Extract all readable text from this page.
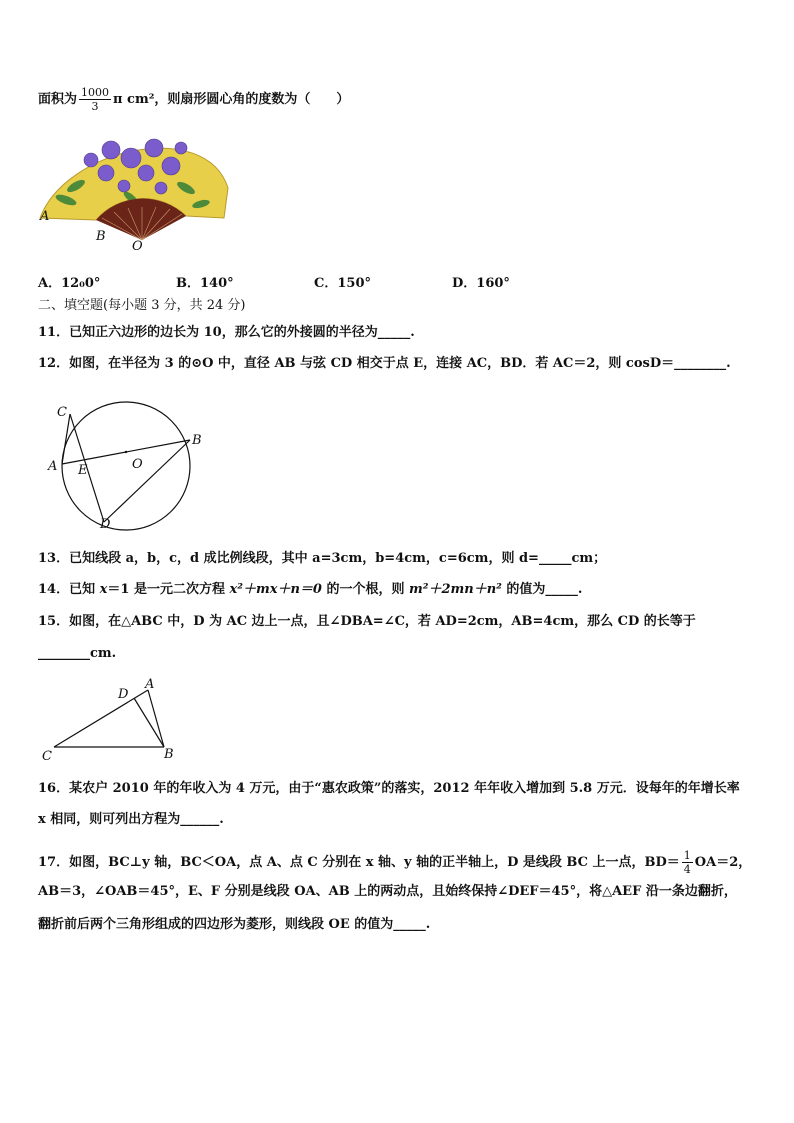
面积为 $\frac{1000}{3}$ π cm²，则扇形圆心角的度数为（　　）
A
B
O
A．12₀0°	B．140°	C．150°	D．160°
二、填空题(每小题 3 分，共 24 分)
11．已知正六边形的边长为 10，那么它的外接圆的半径为_____.
12．如图，在半径为 3 的⊙O 中，直径 AB 与弦 CD 相交于点 E，连接 AC，BD．若 AC＝2，则 cosD＝________.
C
A E	O
B
D
13．已知线段 a，b，c，d 成比例线段，其中 a=3cm，b=4cm，c=6cm，则 d=_____cm；
14．已知 x＝1 是一元二次方程 x²＋mx＋n＝0 的一个根，则 m²＋2mn＋n² 的值为_____.
15．如图，在△ABC 中，D 为 AC 边上一点，且∠DBA=∠C，若 AD=2cm，AB=4cm，那么 CD 的长等于
________cm.
D
A
C	B
16．某农户 2010 年的年收入为 4 万元，由于“惠农政策”的落实，2012 年年收入增加到 5.8 万元．设每年的年增长率
x 相同，则可列出方程为______.
17．如图，BC⊥y 轴，BC＜OA，点 A、点 C 分别在 x 轴、y 轴的正半轴上，D 是线段 BC 上一点，$BD= \frac{1}{4} OA=2$，
AB＝3，∠OAB＝45°，E、F 分别是线段 OA、AB 上的两动点，且始终保持∠DEF＝45°，将△AEF 沿一条边翻折，
翻折前后两个三角形组成的四边形为菱形，则线段 OE 的值为_____.
